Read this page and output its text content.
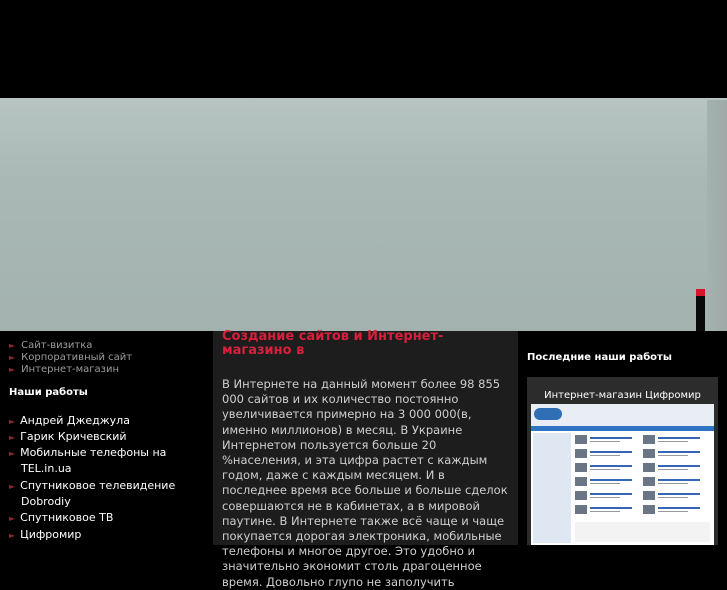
► Сайт-визитка
► Корпоративный сайт
► Интернет-магазин
Наши работы
► Андрей Джеджула
► Гарик Кричевский
► Мобильные телефоны на
TEL.in.ua
► Спутниковое телевидение
Dobrodiy
► Спутниковое ТВ
► Цифромир
Создание сайтов и Интернет-магазино в
В Интернете на данный момент более 98 855 000 сайтов и их количество постоянно увеличивается примерно на 3 000 000(в, именно миллионов) в месяц. В Украине Интернетом пользуется больше 20 %населения, и эта цифра растет с каждым годом, даже с каждым месяцем. И в последнее время все больше и больше сделок совершаются не в кабинетах, а в мировой паутине. В Интернете также всё чаще и чаще покупается дорогая электроника, мобильные телефоны и многое другое. Это удобно и значительно экономит столь драгоценное время. Довольно глупо не заполучить
Последние наши работы
Интернет-магазин Цифромир
